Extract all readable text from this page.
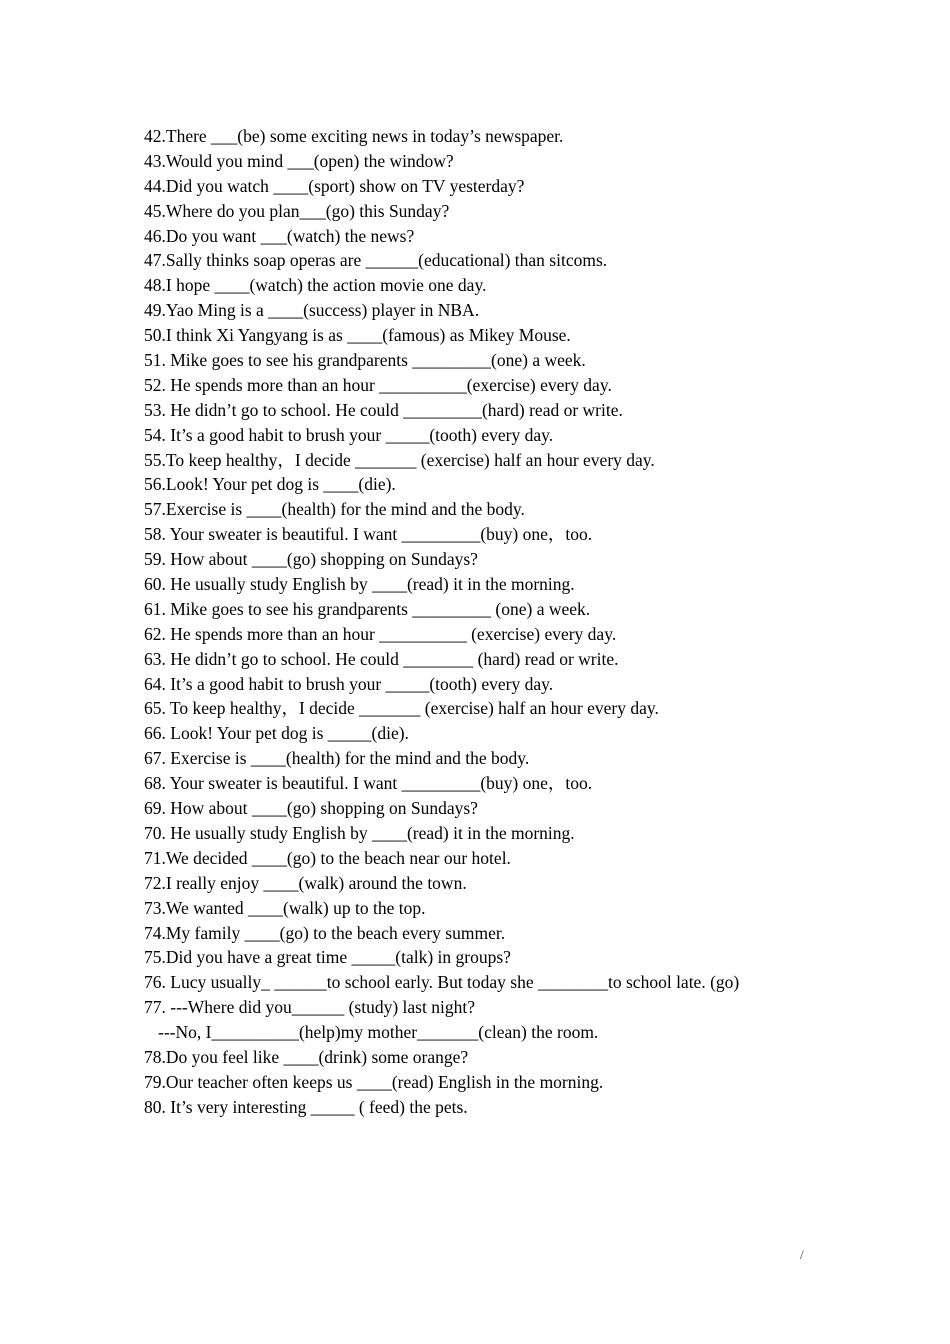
42.There ___(be) some exciting news in today’s newspaper.
43.Would you mind ___(open) the window?
44.Did you watch ____(sport) show on TV yesterday?
45.Where do you plan___(go) this Sunday?
46.Do you want ___(watch) the news?
47.Sally thinks soap operas are ______(educational) than sitcoms.
48.I hope ____(watch) the action movie one day.
49.Yao Ming is a ____(success) player in NBA.
50.I think Xi Yangyang is as ____(famous) as Mikey Mouse.
51. Mike goes to see his grandparents _________(one) a week.
52. He spends more than an hour __________(exercise) every day.
53. He didn’t go to school. He could _________(hard) read or write.
54. It’s a good habit to brush your _____(tooth) every day.
55.To keep healthy，I decide _______ (exercise) half an hour every day.
56.Look! Your pet dog is ____(die).
57.Exercise is ____(health) for the mind and the body.
58. Your sweater is beautiful. I want _________(buy) one，too.
59. How about ____(go) shopping on Sundays?
60. He usually study English by ____(read) it in the morning.
61. Mike goes to see his grandparents _________ (one) a week.
62. He spends more than an hour __________ (exercise) every day.
63. He didn’t go to school. He could ________ (hard) read or write.
64. It’s a good habit to brush your _____(tooth) every day.
65. To keep healthy，I decide _______ (exercise) half an hour every day.
66. Look! Your pet dog is _____(die).
67. Exercise is ____(health) for the mind and the body.
68. Your sweater is beautiful. I want _________(buy) one，too.
69. How about ____(go) shopping on Sundays?
70. He usually study English by ____(read) it in the morning.
71.We decided ____(go) to the beach near our hotel.
72.I really enjoy ____(walk) around the town.
73.We wanted ____(walk) up to the top.
74.My family ____(go) to the beach every summer.
75.Did you have a great time _____(talk) in groups?
76. Lucy usually_ ______to school early. But today she ________to school late. (go)
77. ---Where did you______ (study) last night?
---No, I__________(help)my mother_______(clean) the room.
78.Do you feel like ____(drink) some orange?
79.Our teacher often keeps us ____(read) English in the morning.
80. It’s very interesting _____ ( feed) the pets.
/
